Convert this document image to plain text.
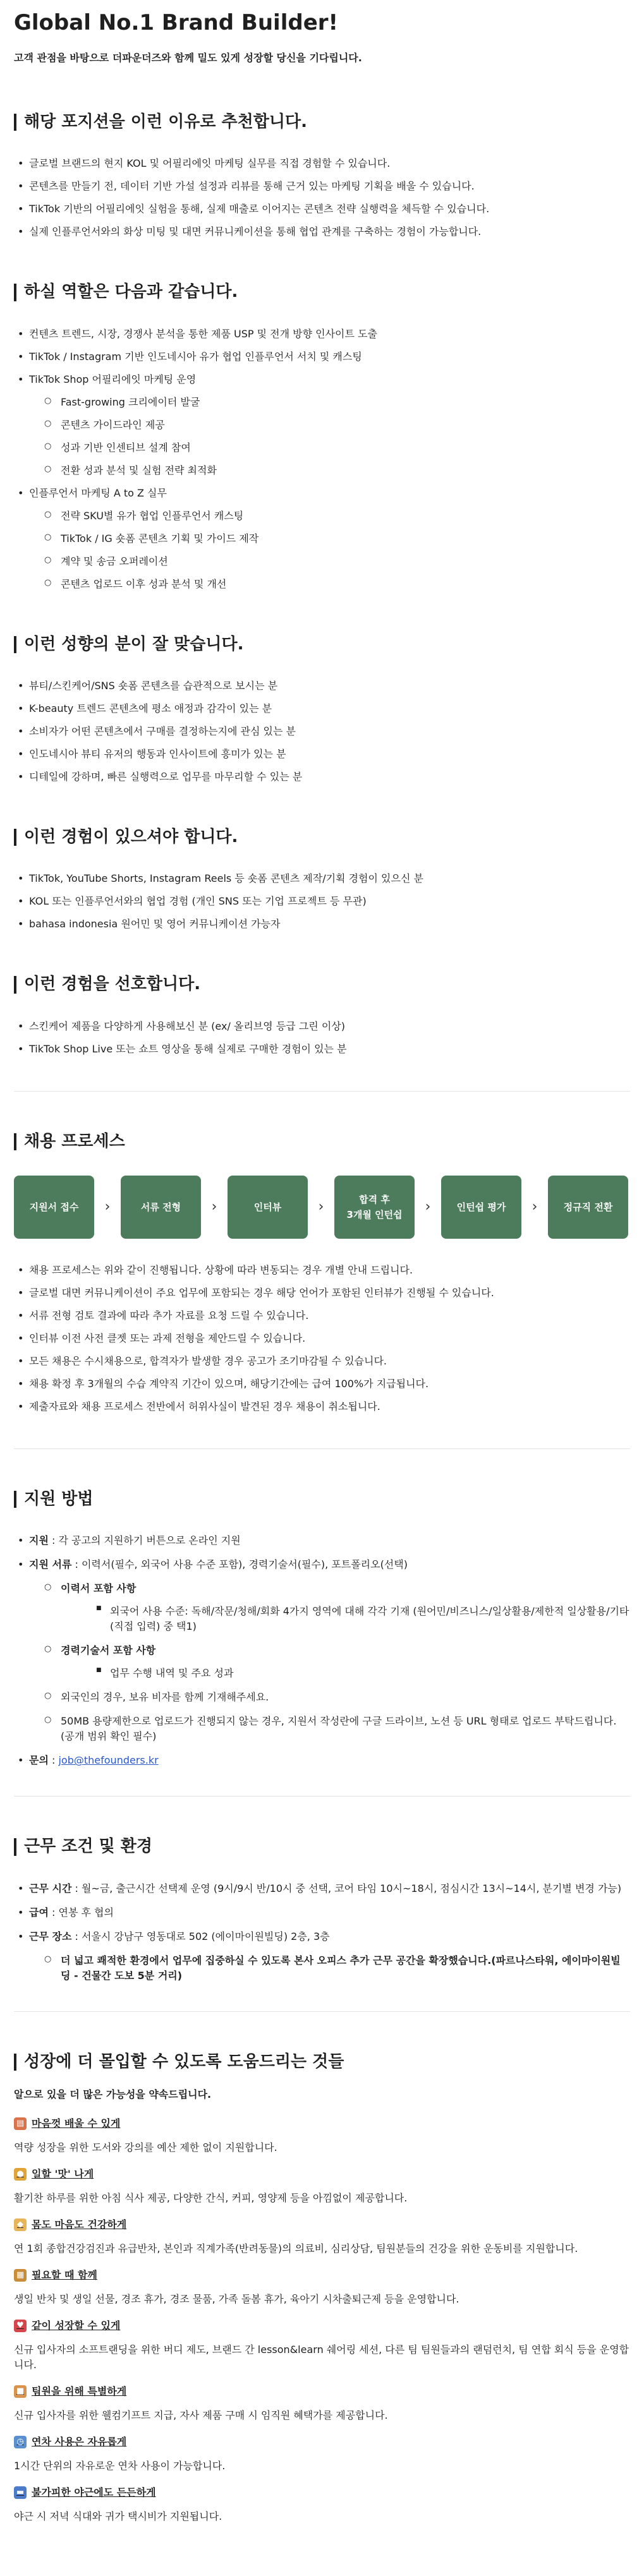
Global No.1 Brand Builder!

고객 관점을 바탕으로 더파운더즈와 함께 밀도 있게 성장할 당신을 기다립니다.

해당 포지션을 이런 이유로 추천합니다.
• 글로벌 브랜드의 현지 KOL 및 어필리에잇 마케팅 실무를 직접 경험할 수 있습니다.
• 콘텐츠를 만들기 전, 데이터 기반 가설 설정과 리뷰를 통해 근거 있는 마케팅 기획을 배울 수 있습니다.
• TikTok 기반의 어필리에잇 실험을 통해, 실제 매출로 이어지는 콘텐츠 전략 실행력을 체득할 수 있습니다.
• 실제 인플루언서와의 화상 미팅 및 대면 커뮤니케이션을 통해 협업 관계를 구축하는 경험이 가능합니다.
하실 역할은 다음과 같습니다.
• 컨텐츠 트렌드, 시장, 경쟁사 분석을 통한 제품 USP 및 전개 방향 인사이트 도출
• TikTok / Instagram 기반 인도네시아 유가 협업 인플루언서 서치 및 캐스팅
• TikTok Shop 어필리에잇 마케팅 운영
○ Fast-growing 크리에이터 발굴
○ 콘텐츠 가이드라인 제공
○ 성과 기반 인센티브 설계 참여
○ 전환 성과 분석 및 실험 전략 최적화
• 인플루언서 마케팅 A to Z 실무
○ 전략 SKU별 유가 협업 인플루언서 캐스팅
○ TikTok / IG 숏폼 콘텐츠 기획 및 가이드 제작
○ 계약 및 송금 오퍼레이션
○ 콘텐츠 업로드 이후 성과 분석 및 개선
이런 성향의 분이 잘 맞습니다.
• 뷰티/스킨케어/SNS 숏폼 콘텐츠를 습관적으로 보시는 분
• K-beauty 트렌드 콘텐츠에 평소 애정과 감각이 있는 분
• 소비자가 어떤 콘텐츠에서 구매를 결정하는지에 관심 있는 분
• 인도네시아 뷰티 유저의 행동과 인사이트에 흥미가 있는 분
• 디테일에 강하며, 빠른 실행력으로 업무를 마무리할 수 있는 분
이런 경험이 있으셔야 합니다.
• TikTok, YouTube Shorts, Instagram Reels 등 숏폼 콘텐츠 제작/기획 경험이 있으신 분
• KOL 또는 인플루언서와의 협업 경험 (개인 SNS 또는 기업 프로젝트 등 무관)
• bahasa indonesia 원어민 및 영어 커뮤니케이션 가능자
이런 경험을 선호합니다.
• 스킨케어 제품을 다양하게 사용해보신 분 (ex/ 올리브영 등급 그린 이상)
• TikTok Shop Live 또는 쇼트 영상을 통해 실제로 구매한 경험이 있는 분
채용 프로세스
지원서 접수	›	서류 전형	›	인터뷰	›	합격 후
3개월 인턴쉽	›	인턴쉽 평가	›	정규직 전환
• 채용 프로세스는 위와 같이 진행됩니다. 상황에 따라 변동되는 경우 개별 안내 드립니다.
• 글로벌 대면 커뮤니케이션이 주요 업무에 포함되는 경우 해당 언어가 포함된 인터뷰가 진행될 수 있습니다.
• 서류 전형 검토 결과에 따라 추가 자료를 요청 드릴 수 있습니다.
• 인터뷰 이전 사전 클젯 또는 과제 전형을 제안드릴 수 있습니다.
• 모든 채용은 수시채용으로, 합격자가 발생할 경우 공고가 조기마감될 수 있습니다.
• 채용 확정 후 3개월의 수습 계약직 기간이 있으며, 해당기간에는 급여 100%가 지급됩니다.
• 제출자료와 채용 프로세스 전반에서 허위사실이 발견된 경우 채용이 취소됩니다.
지원 방법
• 지원 : 각 공고의 지원하기 버튼으로 온라인 지원
• 지원 서류 : 이력서(필수, 외국어 사용 수준 포함), 경력기술서(필수), 포트폴리오(선택)
○ 이력서 포함 사항
■ 외국어 사용 수준: 독해/작문/청해/회화 4가지 영역에 대해 각각 기재 (원어민/비즈니스/일상활용/제한적 일상활용/기타(직접 입력) 중 택1)
○ 경력기술서 포함 사항
■ 업무 수행 내역 및 주요 성과
○ 외국인의 경우, 보유 비자를 함께 기재해주세요.
○ 50MB 용량제한으로 업로드가 진행되지 않는 경우, 지원서 작성란에 구글 드라이브, 노션 등 URL 형태로 업로드 부탁드립니다. (공개 범위 확인 필수)
• 문의 : job@thefounders.kr
근무 조건 및 환경
• 근무 시간 : 월~금, 출근시간 선택제 운영 (9시/9시 반/10시 중 선택, 코어 타임 10시~18시, 점심시간 13시~14시, 분기별 변경 가능)
• 급여 : 연봉 후 협의
• 근무 장소 : 서울시 강남구 영동대로 502 (에이마이원빌딩) 2층, 3층
○ 더 넓고 쾌적한 환경에서 업무에 집중하실 수 있도록 본사 오피스 추가 근무 공간을 확장했습니다.(파르나스타워, 에이마이원빌딩 - 건물간 도보 5분 거리)
성장에 더 몰입할 수 있도록 도움드리는 것들

알으로 있을 더 많은 가능성을 약속드립니다.

▤ 마음껏 배울 수 있게

역량 성장을 위한 도서와 강의를 예산 제한 없이 지원합니다.

● 일할 '맛' 나게

활기찬 하루를 위한 아침 식사 제공, 다양한 간식, 커피, 영양제 등을 아낌없이 제공합니다.

◆ 몸도 마음도 건강하게

연 1회 종합건강검진과 유급반차, 본인과 직계가족(반려동물)의 의료비, 심리상담, 팀원분들의 건강을 위한 운동비를 지원합니다.

▦ 필요할 때 함께

생일 반차 및 생일 선물, 경조 휴가, 경조 물품, 가족 돌봄 휴가, 육아기 시차출퇴근제 등을 운영합니다.

♥ 같이 성장할 수 있게

신규 입사자의 소프트랜딩을 위한 버디 제도, 브랜드 간 lesson&learn 쉐어링 세션, 다른 팀 팀원들과의 랜덤런치, 팀 연합 회식 등을 운영합니다.

■ 팀원을 위해 특별하게

신규 입사자를 위한 웰컴기프트 지급, 자사 제품 구매 시 임직원 혜택가를 제공합니다.

◷ 연차 사용은 자유롭게

1시간 단위의 자유로운 연차 사용이 가능합니다.

▬ 불가피한 야근에도 든든하게

야근 시 저녁 식대와 귀가 택시비가 지원됩니다.
